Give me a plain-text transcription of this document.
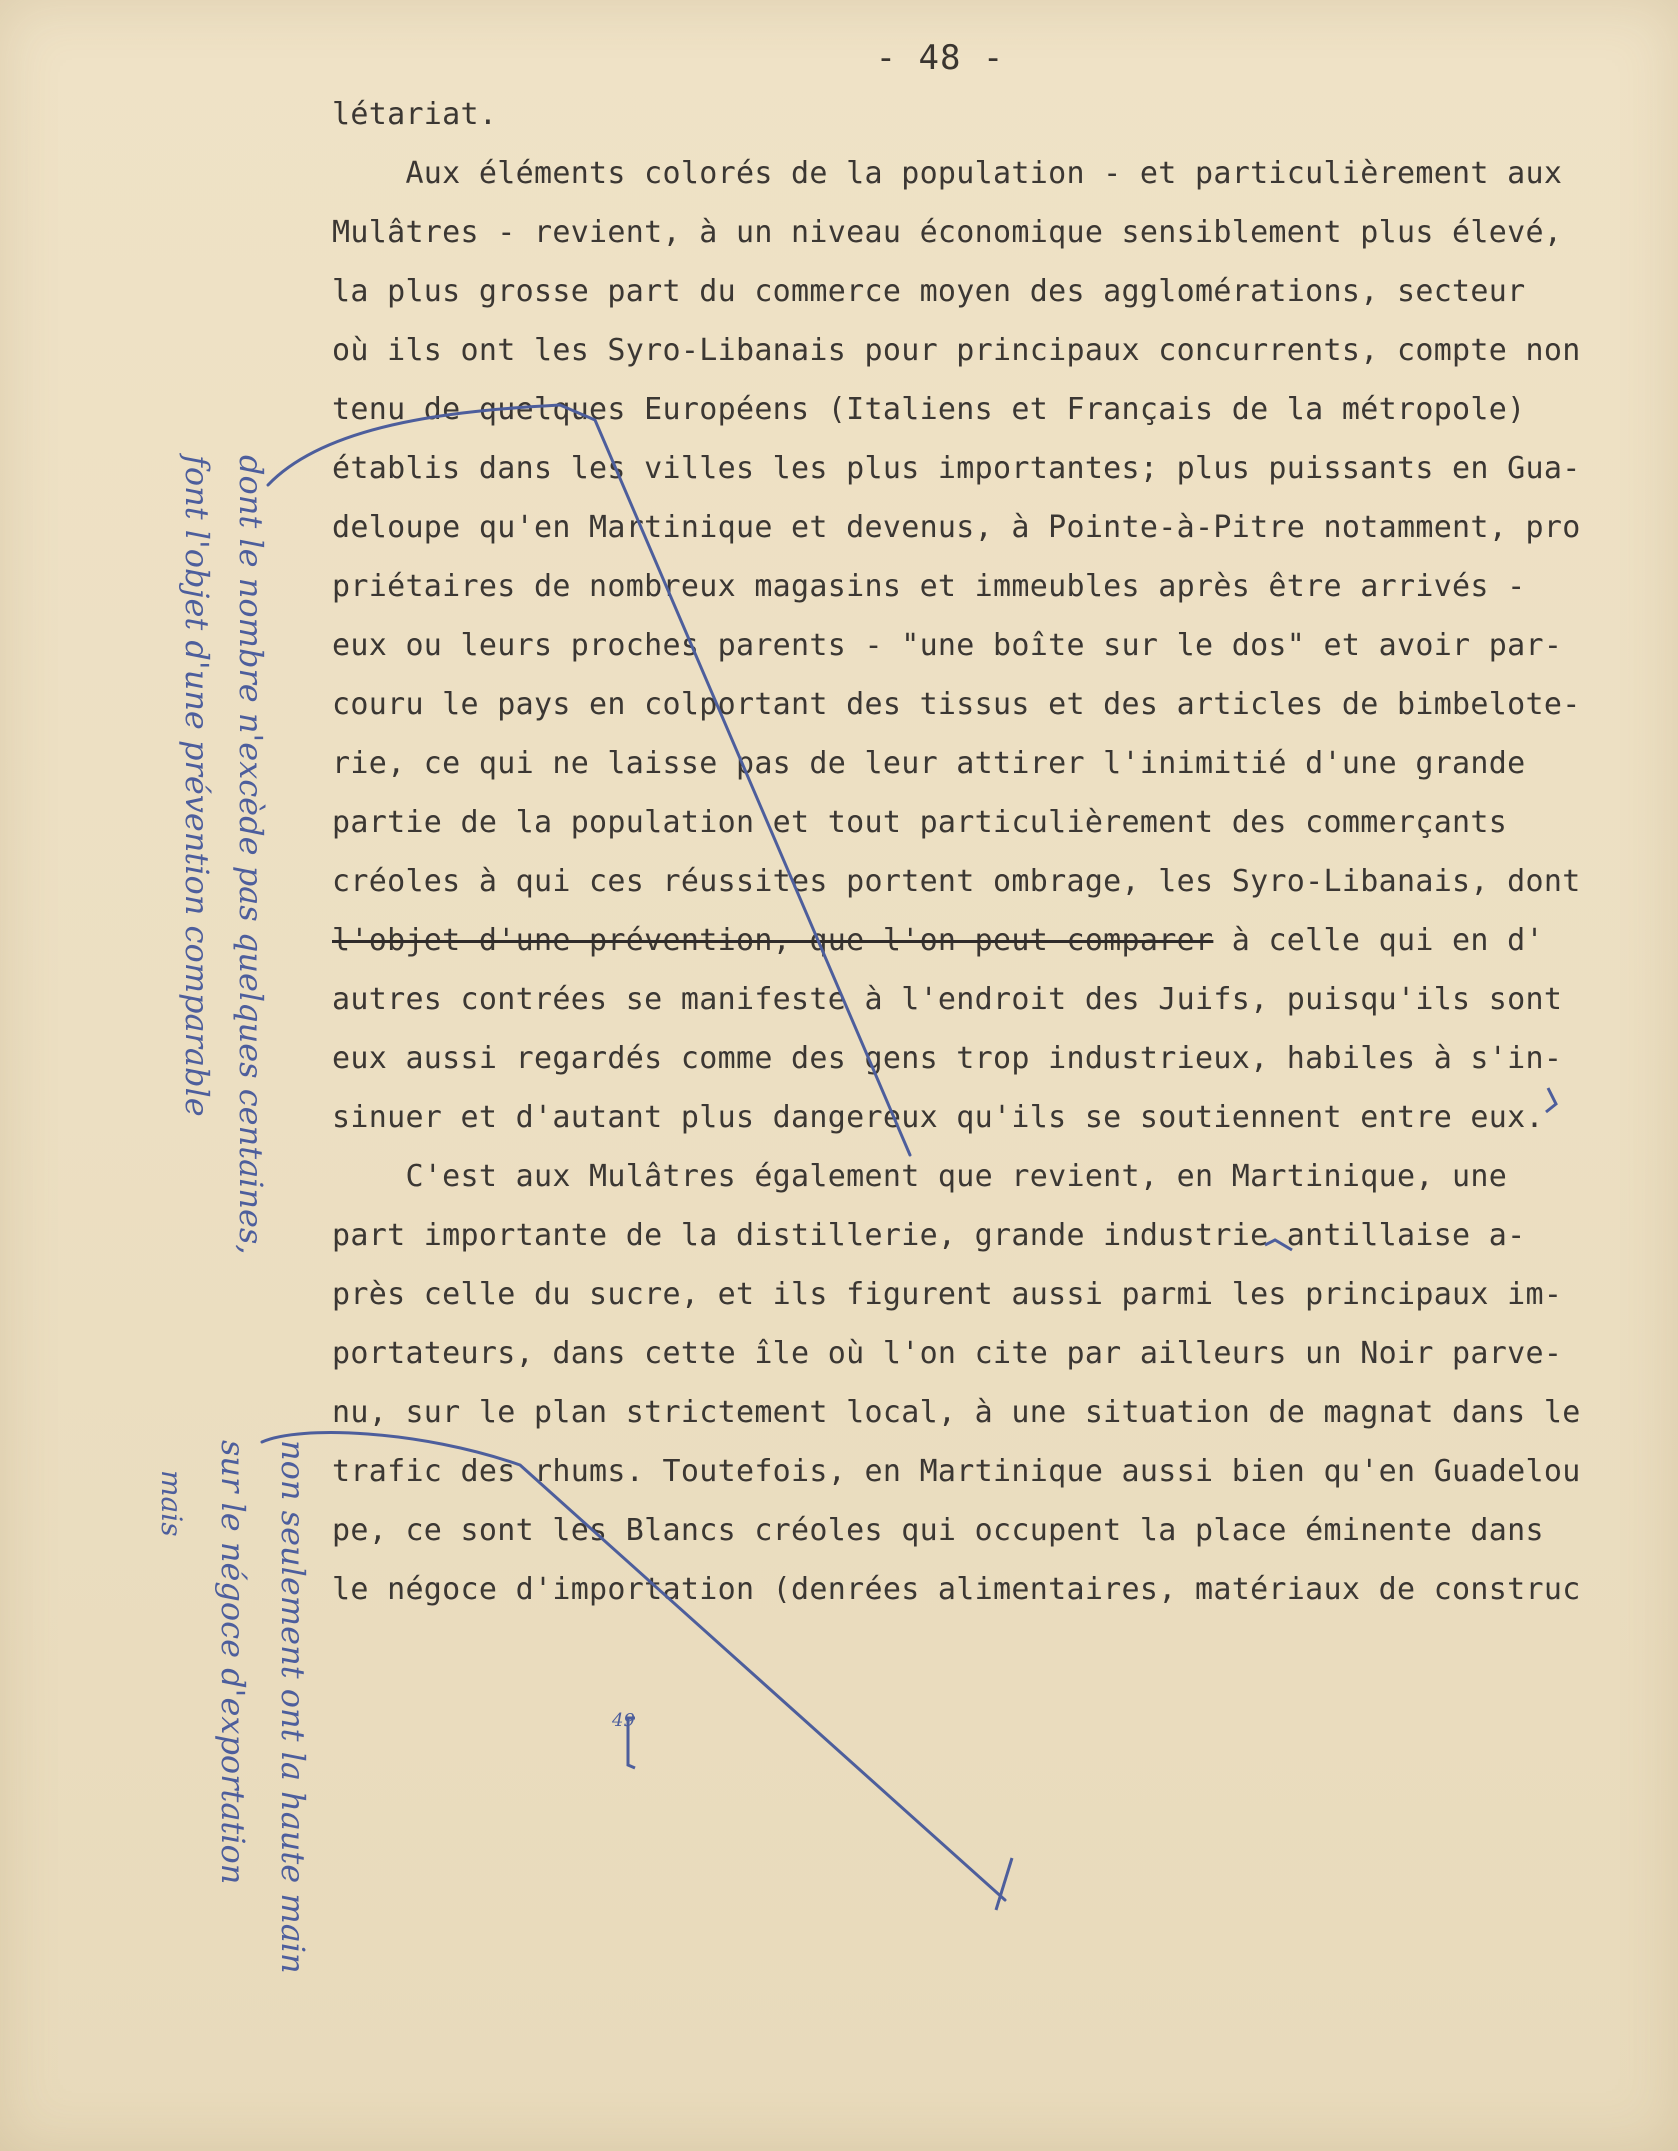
- 48 -

létariat.

Aux éléments colorés de la population - et particulièrement aux

Mulâtres - revient, à un niveau économique sensiblement plus élevé,

la plus grosse part du commerce moyen des agglomérations, secteur

où ils ont les Syro-Libanais pour principaux concurrents, compte non

tenu de quelques Européens (Italiens et Français de la métropole)

établis dans les villes les plus importantes; plus puissants en Gua-

deloupe qu'en Martinique et devenus, à Pointe-à-Pitre notamment, pro

priétaires de nombreux magasins et immeubles après être arrivés -

eux ou leurs proches parents - "une boîte sur le dos" et avoir par-

couru le pays en colportant des tissus et des articles de bimbelote-

rie, ce qui ne laisse pas de leur attirer l'inimitié d'une grande

partie de la population et tout particulièrement des commerçants

créoles à qui ces réussites portent ombrage, les Syro-Libanais, dont

l'objet d'une prévention, que l'on peut comparer à celle qui en d'

autres contrées se manifeste à l'endroit des Juifs, puisqu'ils sont

eux aussi regardés comme des gens trop industrieux, habiles à s'in-

sinuer et d'autant plus dangereux qu'ils se soutiennent entre eux.

C'est aux Mulâtres également que revient, en Martinique, une

part importante de la distillerie, grande industrie antillaise a-

près celle du sucre, et ils figurent aussi parmi les principaux im-

portateurs, dans cette île où l'on cite par ailleurs un Noir parve-

nu, sur le plan strictement local, à une situation de magnat dans le

trafic des rhums. Toutefois, en Martinique aussi bien qu'en Guadelou

pe, ce sont les Blancs créoles qui occupent la place éminente dans

le négoce d'importation (denrées alimentaires, matériaux de construc

dont le nombre n'excède pas quelques centaines,
font l'objet d'une prévention comparable
non seulement ont la haute main
sur le négoce d'exportation
mais
49
